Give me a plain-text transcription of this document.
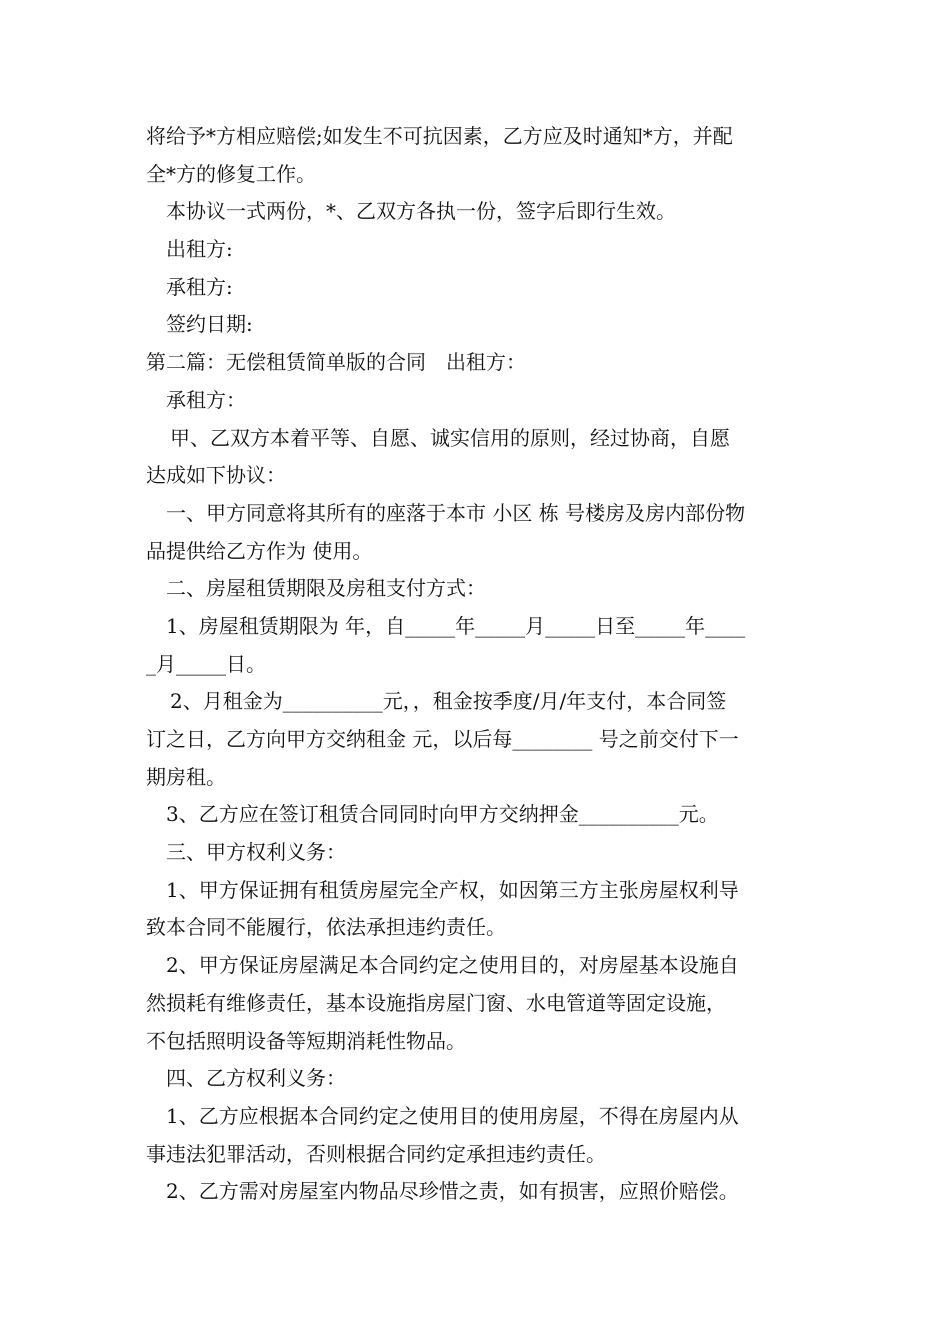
将给予*方相应赔偿;如发生不可抗因素，乙方应及时通知*方，并配
全*方的修复工作。
本协议一式两份，*、乙双方各执一份，签字后即行生效。
出租方:
承租方:
签约日期:
第二篇：无偿租赁简单版的合同　出租方：
承租方：
甲、乙双方本着平等、自愿、诚实信用的原则，经过协商，自愿
达成如下协议：
一、甲方同意将其所有的座落于本市 小区 栋 号楼房及房内部份物
品提供给乙方作为 使用。
二、房屋租赁期限及房租支付方式：
1、房屋租赁期限为 年，自_____年_____月_____日至_____年____
_月_____日。
2、月租金为__________元，，租金按季度/月/年支付，本合同签
订之日，乙方向甲方交纳租金 元，以后每________ 号之前交付下一
期房租。
3、乙方应在签订租赁合同同时向甲方交纳押金__________元。
三、甲方权利义务：
1、甲方保证拥有租赁房屋完全产权，如因第三方主张房屋权利导
致本合同不能履行，依法承担违约责任。
2、甲方保证房屋满足本合同约定之使用目的，对房屋基本设施自
然损耗有维修责任，基本设施指房屋门窗、水电管道等固定设施，
不包括照明设备等短期消耗性物品。
四、乙方权利义务：
1、乙方应根据本合同约定之使用目的使用房屋，不得在房屋内从
事违法犯罪活动，否则根据合同约定承担违约责任。
2、乙方需对房屋室内物品尽珍惜之责，如有损害，应照价赔偿。
